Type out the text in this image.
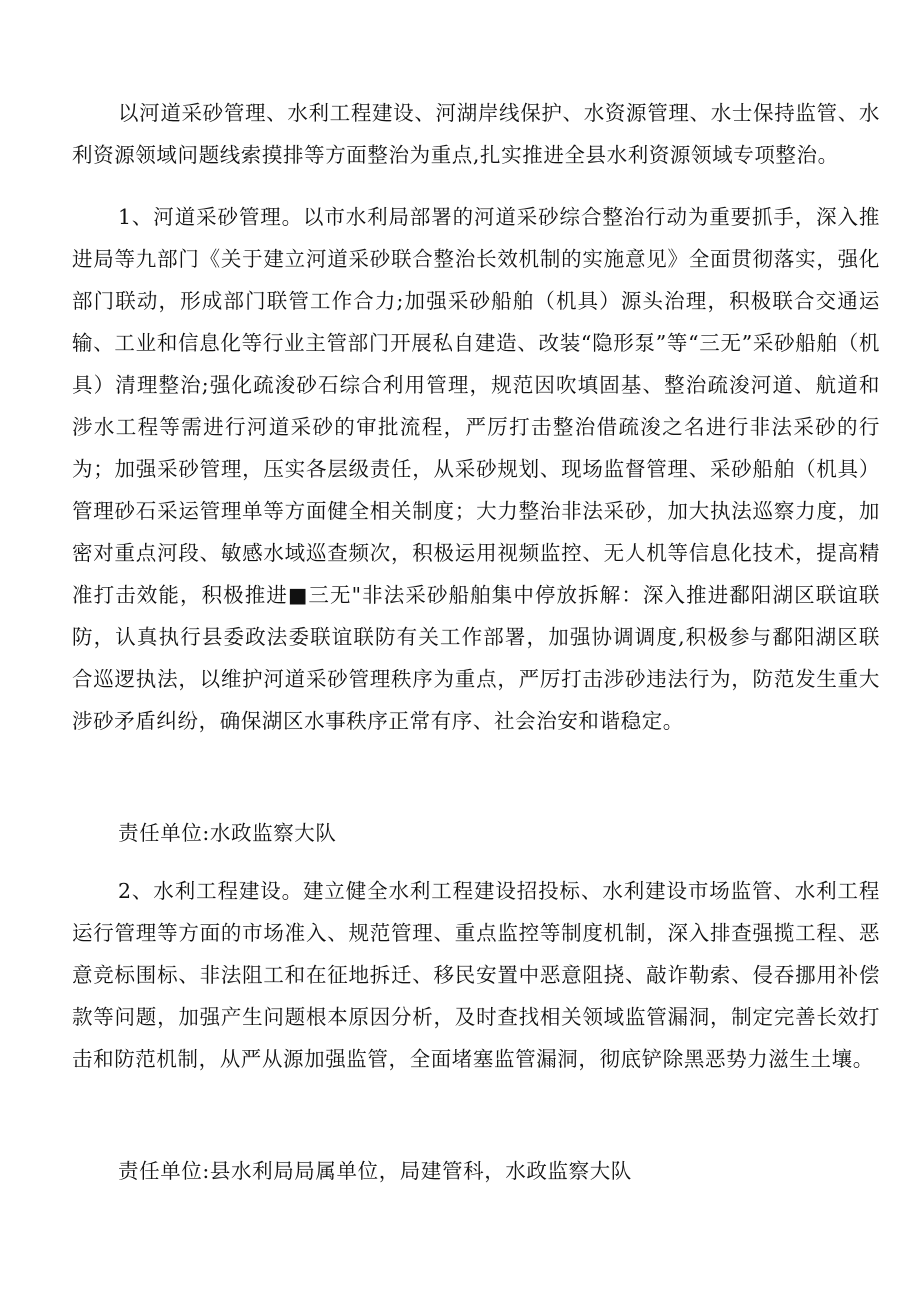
以河道采砂管理、水利工程建设、河湖岸线保护、水资源管理、水士保持监管、水利资源领域问题线索摸排等方面整治为重点,扎实推进全县水利资源领域专项整治。

1、河道采砂管理。以市水利局部署的河道采砂综合整治行动为重要抓手，深入推进局等九部门《关于建立河道采砂联合整治长效机制的实施意见》全面贯彻落实，强化部门联动，形成部门联管工作合力;加强采砂船舶（机具）源头治理，积极联合交通运输、工业和信息化等行业主管部门开展私自建造、改装“隐形泵”等“三无”采砂船舶（机具）清理整治;强化疏浚砂石综合利用管理，规范因吹填固基、整治疏浚河道、航道和涉水工程等需进行河道采砂的审批流程，严厉打击整治借疏浚之名进行非法采砂的行为；加强采砂管理，压实各层级责任，从采砂规划、现场监督管理、采砂船舶（机具）管理砂石采运管理单等方面健全相关制度；大力整治非法采砂，加大执法巡察力度，加密对重点河段、敏感水域巡查频次，积极运用视频监控、无人机等信息化技术，提高精准打击效能，积极推进■三无"非法采砂船舶集中停放拆解：深入推进鄱阳湖区联谊联防，认真执行县委政法委联谊联防有关工作部署，加强协调调度,积极参与鄱阳湖区联合巡逻执法，以维护河道采砂管理秩序为重点，严厉打击涉砂违法行为，防范发生重大涉砂矛盾纠纷，确保湖区水事秩序正常有序、社会治安和谐稳定。

责任单位:水政监察大队

2、水利工程建设。建立健全水利工程建设招投标、水利建设市场监管、水利工程运行管理等方面的市场准入、规范管理、重点监控等制度机制，深入排查强揽工程、恶意竞标围标、非法阻工和在征地拆迁、移民安置中恶意阻挠、敲诈勒索、侵吞挪用补偿款等问题，加强产生问题根本原因分析，及时查找相关领域监管漏洞，制定完善长效打击和防范机制，从严从源加强监管，全面堵塞监管漏洞，彻底铲除黑恶势力滋生土壤。

责任单位:县水利局局属单位，局建管科，水政监察大队
